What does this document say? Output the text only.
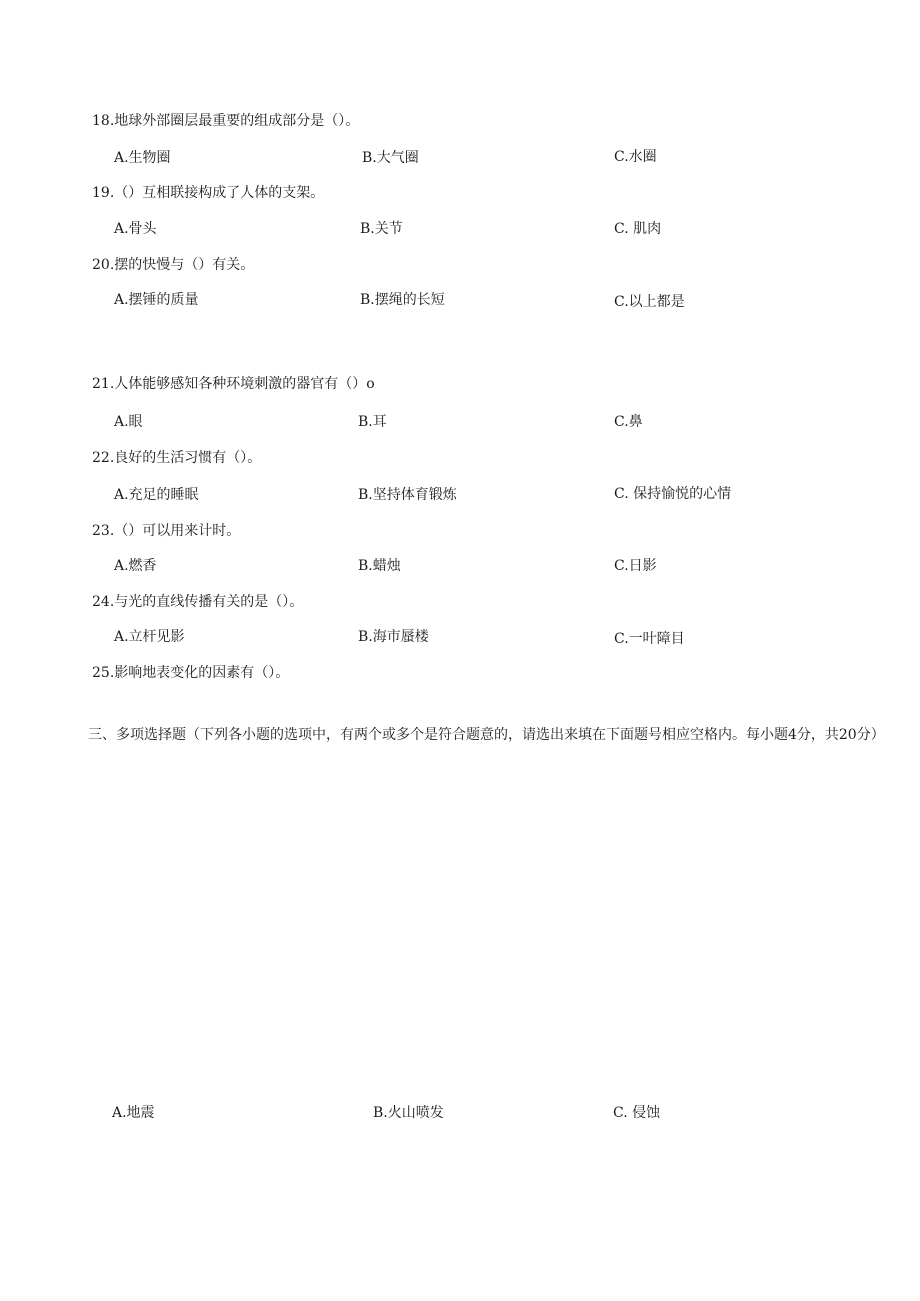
18.地球外部圈层最重要的组成部分是（）。
A.生物圈	B.大气圈	C.水圈
19.（）互相联接构成了人体的支架。
A.骨头	B.关节	C. 肌肉
20.摆的快慢与（）有关。
A.摆锤的质量	B.摆绳的长短	C.以上都是
21.人体能够感知各种环境刺激的器官有（）o
A.眼	B.耳	C.鼻
22.良好的生活习惯有（）。
A.充足的睡眠	B.坚持体育锻炼	C. 保持愉悦的心情
23.（）可以用来计时。
A.燃香	B.蜡烛	C.日影
24.与光的直线传播有关的是（）。
A.立杆见影	B.海市蜃楼	C.一叶障目
25.影响地表变化的因素有（）。
三、多项选择题（下列各小题的选项中，有两个或多个是符合题意的，请选出来填在下面题号相应空格内。每小题4分，共20分）
A.地震	B.火山喷发	C. 侵蚀
